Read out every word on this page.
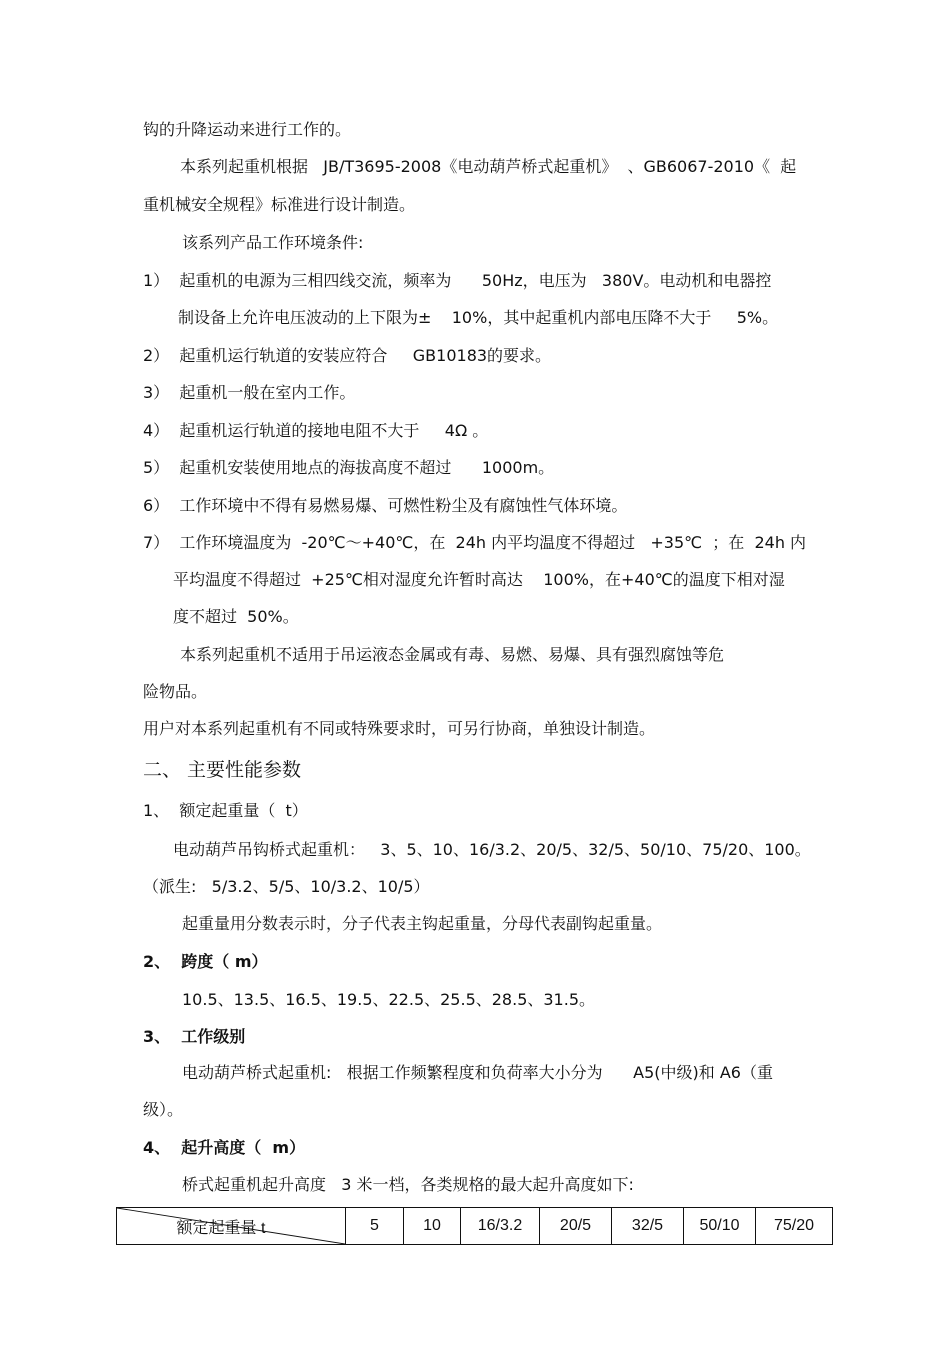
钩的升降运动来进行工作的。
本系列起重机根据   JB/T3695-2008《电动葫芦桥式起重机》  、GB6067-2010《  起
重机械安全规程》标准进行设计制造。
该系列产品工作环境条件:
1）  起重机的电源为三相四线交流，频率为      50Hz，电压为   380V。电动机和电器控
制设备上允许电压波动的上下限为±    10%，其中起重机内部电压降不大于     5%。
2）  起重机运行轨道的安装应符合     GB10183的要求。
3）  起重机一般在室内工作。
4）  起重机运行轨道的接地电阻不大于     4Ω 。
5）  起重机安装使用地点的海拔高度不超过      1000m。
6）  工作环境中不得有易燃易爆、可燃性粉尘及有腐蚀性气体环境。
7）  工作环境温度为  -20℃～+40℃，在  24h 内平均温度不得超过   +35℃  ；在  24h 内
平均温度不得超过  +25℃相对湿度允许暂时高达    100%，在+40℃的温度下相对湿
度不超过  50%。
本系列起重机不适用于吊运液态金属或有毒、易燃、易爆、具有强烈腐蚀等危
险物品。
用户对本系列起重机有不同或特殊要求时，可另行协商，单独设计制造。
二、 主要性能参数
1、  额定起重量（  t）
电动葫芦吊钩桥式起重机：   3、5、10、16/3.2、20/5、32/5、50/10、75/20、100。
（派生:   5/3.2、5/5、10/3.2、10/5）
起重量用分数表示时，分子代表主钩起重量，分母代表副钩起重量。
2、  跨度（ m）
10.5、13.5、16.5、19.5、22.5、25.5、28.5、31.5。
3、  工作级别
电动葫芦桥式起重机:   根据工作频繁程度和负荷率大小分为      A5(中级)和 A6（重
级）。
4、  起升高度（  m）
桥式起重机起升高度   3 米一档，各类规格的最大起升高度如下:
额定起重量 t	5	10	16/3.2	20/5	32/5	50/10	75/20
